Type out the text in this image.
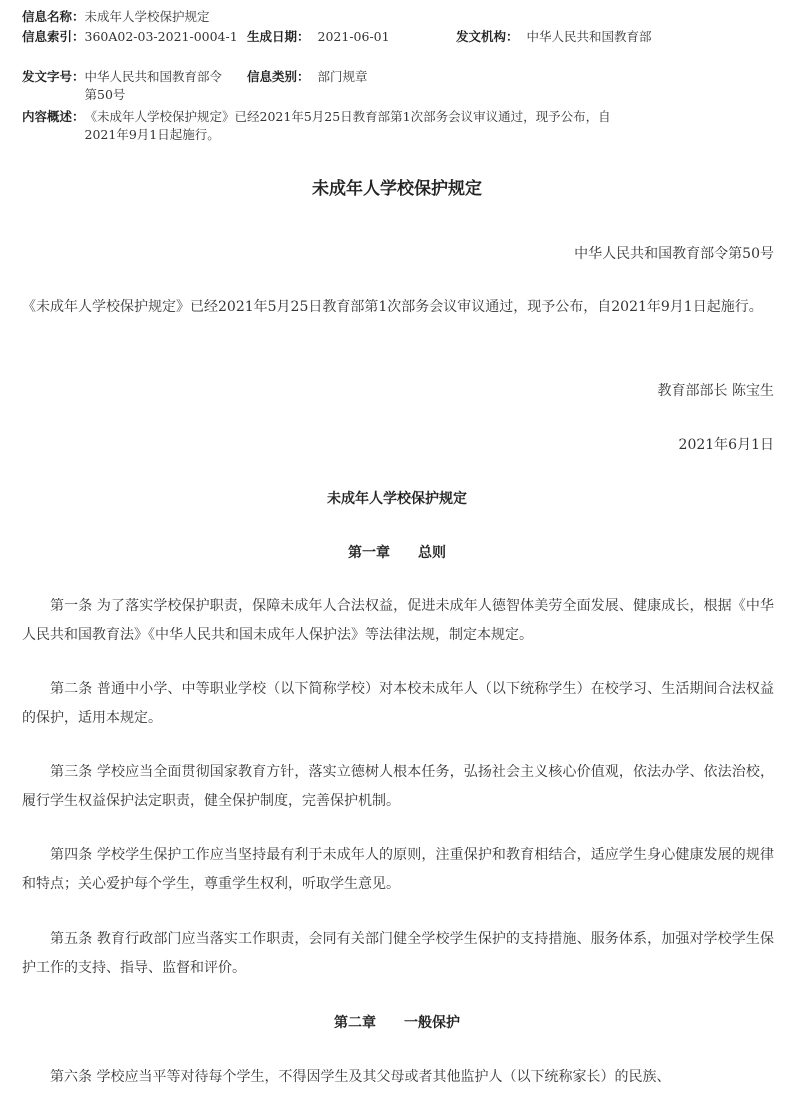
信息名称： 未成年人学校保护规定
信息索引： 360A02-03-2021-0004-1 生成日期： 2021-06-01	发文机构： 中华人民共和国教育部
发文字号： 中华人民共和国教育部令第50号
信息类别： 部门规章
内容概述： 《未成年人学校保护规定》已经2021年5月25日教育部第1次部务会议审议通过，现予公布，自2021年9月1日起施行。
未成年人学校保护规定
中华人民共和国教育部令第50号
《未成年人学校保护规定》已经2021年5月25日教育部第1次部务会议审议通过，现予公布，自2021年9月1日起施行。
教育部部长 陈宝生
2021年6月1日
未成年人学校保护规定
第一章　　总则
第一条 为了落实学校保护职责，保障未成年人合法权益，促进未成年人德智体美劳全面发展、健康成长，根据《中华人民共和国教育法》《中华人民共和国未成年人保护法》等法律法规，制定本规定。
第二条 普通中小学、中等职业学校（以下简称学校）对本校未成年人（以下统称学生）在校学习、生活期间合法权益的保护，适用本规定。
第三条 学校应当全面贯彻国家教育方针，落实立德树人根本任务，弘扬社会主义核心价值观，依法办学、依法治校，履行学生权益保护法定职责，健全保护制度，完善保护机制。
第四条 学校学生保护工作应当坚持最有利于未成年人的原则，注重保护和教育相结合，适应学生身心健康发展的规律和特点；关心爱护每个学生，尊重学生权利，听取学生意见。
第五条 教育行政部门应当落实工作职责，会同有关部门健全学校学生保护的支持措施、服务体系，加强对学校学生保护工作的支持、指导、监督和评价。
第二章　　一般保护
第六条 学校应当平等对待每个学生，不得因学生及其父母或者其他监护人（以下统称家长）的民族、
